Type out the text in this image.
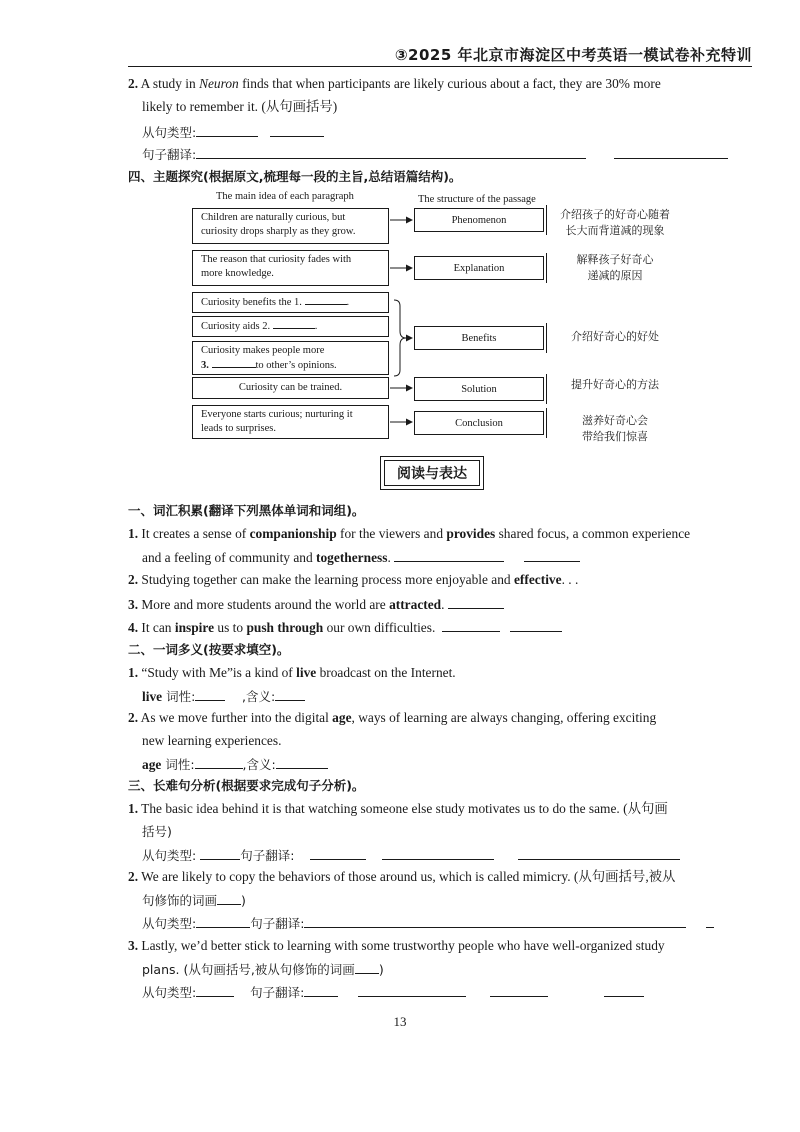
③2025 年北京市海淀区中考英语一模试卷补充特训
2. A study in Neuron finds that when participants are likely curious about a fact, they are 30% more
likely to remember it. (从句画括号)
从句类型:
句子翻译:
四、主题探究(根据原文,梳理每一段的主旨,总结语篇结构)。
The main idea of each paragraph	The structure of the passage
Children are naturally curious, but
curiosity drops sharply as they grow.
The reason that curiosity fades with
more knowledge.
Curiosity benefits the 1.	.
Curiosity aids 2.	.
Curiosity makes people more
3.	to other’s opinions.
Curiosity can be trained.
Everyone starts curious; nurturing it
leads to surprises.
Phenomenon
Explanation
Benefits
Solution
Conclusion
介绍孩子的好奇心随着
长大而背道减的现象
解释孩子好奇心
递减的原因
介绍好奇心的好处
提升好奇心的方法
滋养好奇心会
带给我们惊喜
阅读与表达
一、词汇积累(翻译下列黑体单词和词组)。
1. It creates a sense of companionship for the viewers and provides shared focus, a common experience
and a feeling of community and togetherness.
2. Studying together can make the learning process more enjoyable and effective. . .
3. More and more students around the world are attracted.
4. It can inspire us to push through our own difficulties.
二、一词多义(按要求填空)。
1. “Study with Me”is a kind of live broadcast on the Internet.
live 词性:	,含义:
2. As we move further into the digital age, ways of learning are always changing, offering exciting
new learning experiences.
age 词性:	,含义:
三、长难句分析(根据要求完成句子分析)。
1. The basic idea behind it is that watching someone else study motivates us to do the same. (从句画
括号)
从句类型:	句子翻译:
2. We are likely to copy the behaviors of those around us, which is called mimicry. (从句画括号,被从
句修饰的词画 )
从句类型:	句子翻译:
3. Lastly, we’d better stick to learning with some trustworthy people who have well-organized study
plans. (从句画括号,被从句修饰的词画 )
从句类型:	句子翻译:
13
